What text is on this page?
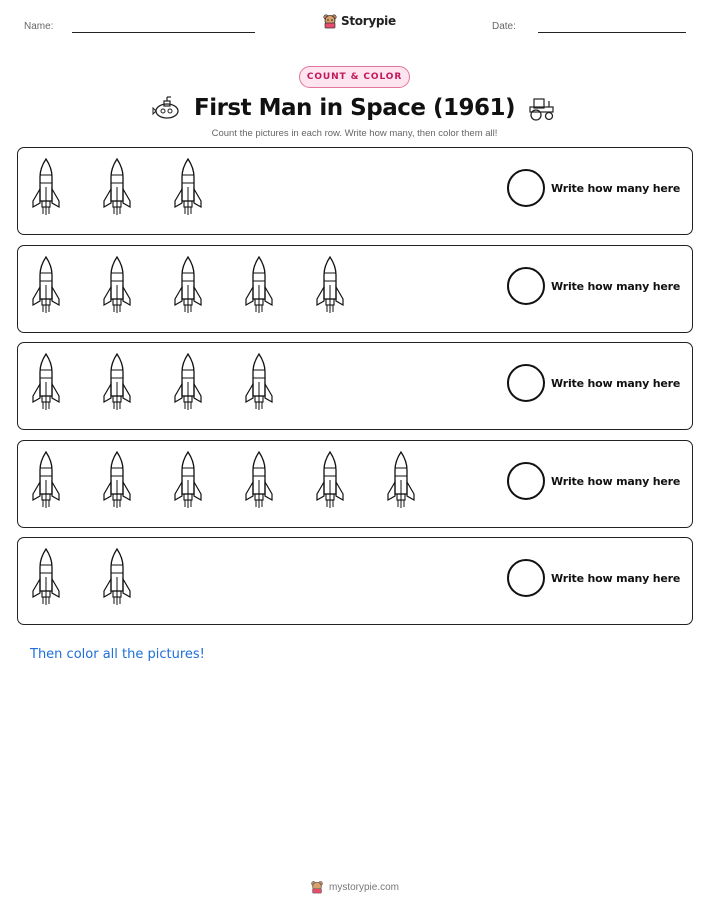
Name:	Storypie	Date:
COUNT & COLOR
First Man in Space (1961)
Count the pictures in each row. Write how many, then color them all!
Write how many here
Write how many here
Write how many here
Write how many here
Write how many here
Then color all the pictures!
mystorypie.com
